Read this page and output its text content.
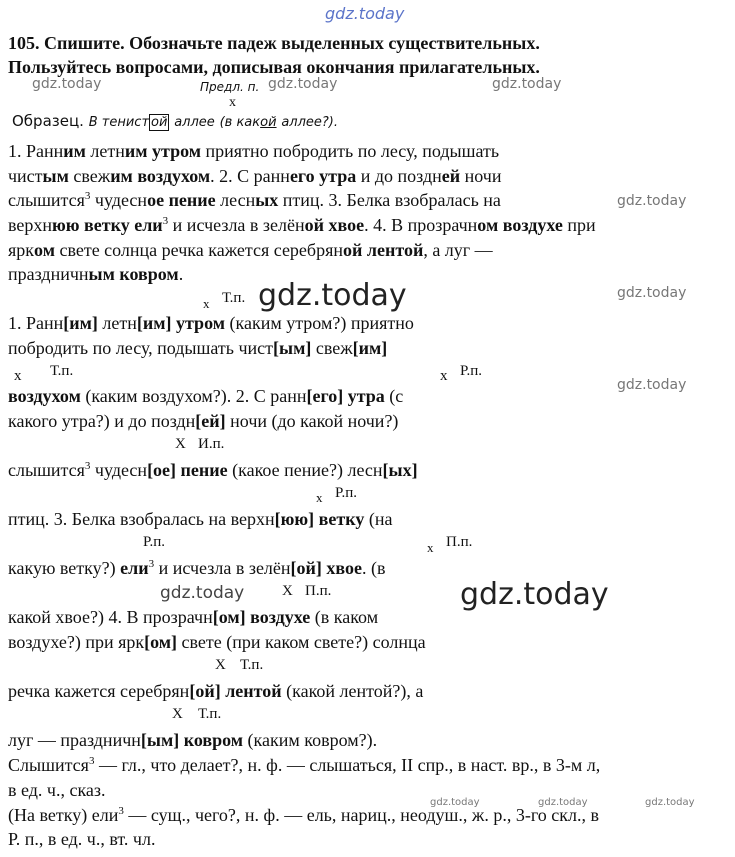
gdz.today
gdz.today	gdz.today	gdz.today
gdz.today
gdz.today
gdz.today
gdz.today
gdz.today
gdz.today
gdz.today	gdz.today	gdz.today
105. Спишите. Обозначьте падеж выделенных существительных.
Пользуйтесь вопросами, дописывая окончания прилагательных.
Предл. п.
x
Образец. В тенист ой аллее (в какой аллее?).
1. Ранним летним утром приятно побродить по лесу, подышать
чистым свежим воздухом. 2. С раннего утра и до поздней ночи
слышится$^3$ чудесное пение лесных птиц. 3. Белка взобралась на
верхнюю ветку ели$^3$ и исчезла в зелёной хвое. 4. В прозрачном воздухе при
ярком свете солнца речка кажется серебряной лентой, а луг —
праздничным ковром.
x Т.п.
x Т.п.	x Р.п.
X И.п.
x Р.п.
Р.п.	x П.п.
X П.п.
X Т.п.
X Т.п.
1. Ранн[им] летн[им] утром (каким утром?) приятно
побродить по лесу, подышать чист[ым] свеж[им]
воздухом (каким воздухом?). 2. С ранн[его] утра (с
какого утра?) и до поздн[ей] ночи (до какой ночи?)
слышится$^3$ чудесн[ое] пение (какое пение?) лесн[ых]
птиц. 3. Белка взобралась на верхн[юю] ветку (на
какую ветку?) ели$^3$ и исчезла в зелён[ой] хвое. (в
какой хвое?) 4. В прозрачн[ом] воздухе (в каком
воздухе?) при ярк[ом] свете (при каком свете?) солнца
речка кажется серебрян[ой] лентой (какой лентой?), а
луг — праздничн[ым] ковром (каким ковром?).
Слышится$^3$ — гл., что делает?, н. ф. — слышаться, II спр., в наст. вр., в 3-м л,
в ед. ч., сказ.
(На ветку) ели$^3$ — сущ., чего?, н. ф. — ель, нариц., неодуш., ж. р., 3-го скл., в
Р. п., в ед. ч., вт. чл.
